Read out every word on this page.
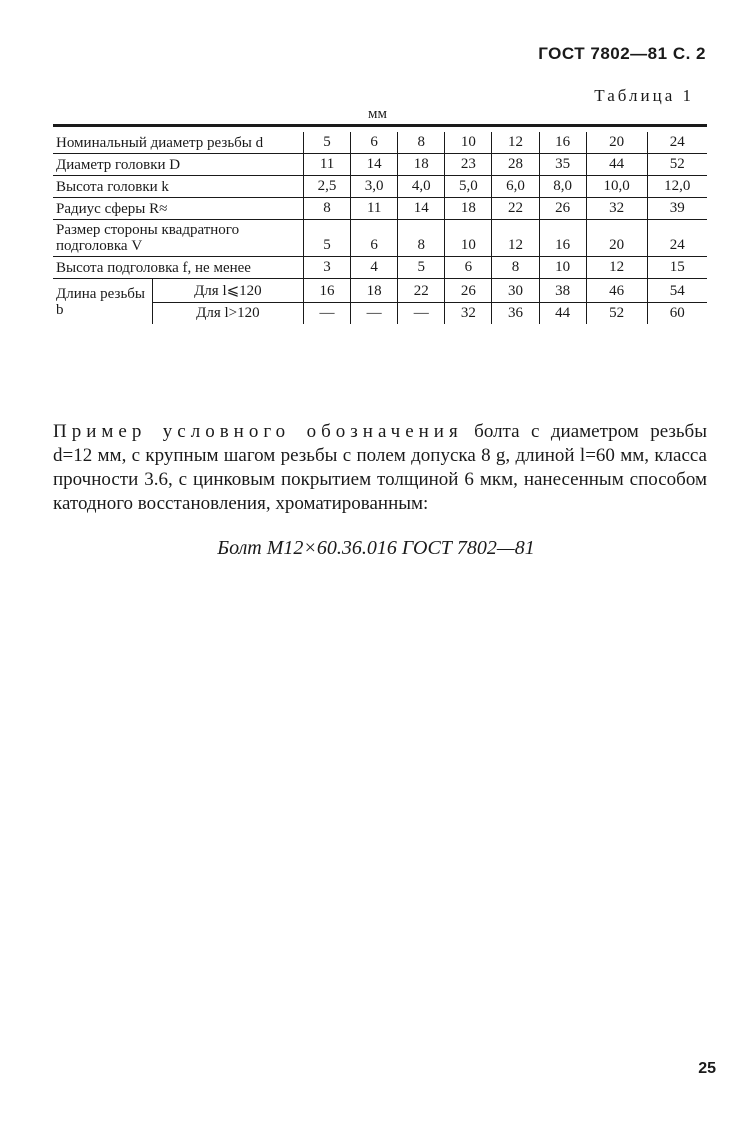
ГОСТ 7802—81 С. 2
Таблица 1
мм

Номинальный диаметр резьбы d		5	6	8	10	12	16	20	24
Диаметр головки D		11	14	18	23	28	35	44	52
Высота головки k		2,5	3,0	4,0	5,0	6,0	8,0	10,0	12,0
Радиус сферы R≈		8	11	14	18	22	26	32	39
Размер стороны квадратного подголовка V		5	6	8	10	12	16	20	24
Высота подголовка f, не менее		3	4	5	6	8	10	12	15
Длина резьбы b	Для l⩽120	16	18	22	26	30	38	46	54
	Для l>120	—	—	—	32	36	44	52	60
Пример условного обозначения болта с диаметром резьбы d=12 мм, с крупным шагом резьбы с полем допуска 8 g, длиной l=60 мм, класса прочности 3.6, с цинковым покрытием толщиной 6 мкм, нанесенным способом катодного восстановления, хроматированным:
Болт М12×60.36.016 ГОСТ 7802—81
25
